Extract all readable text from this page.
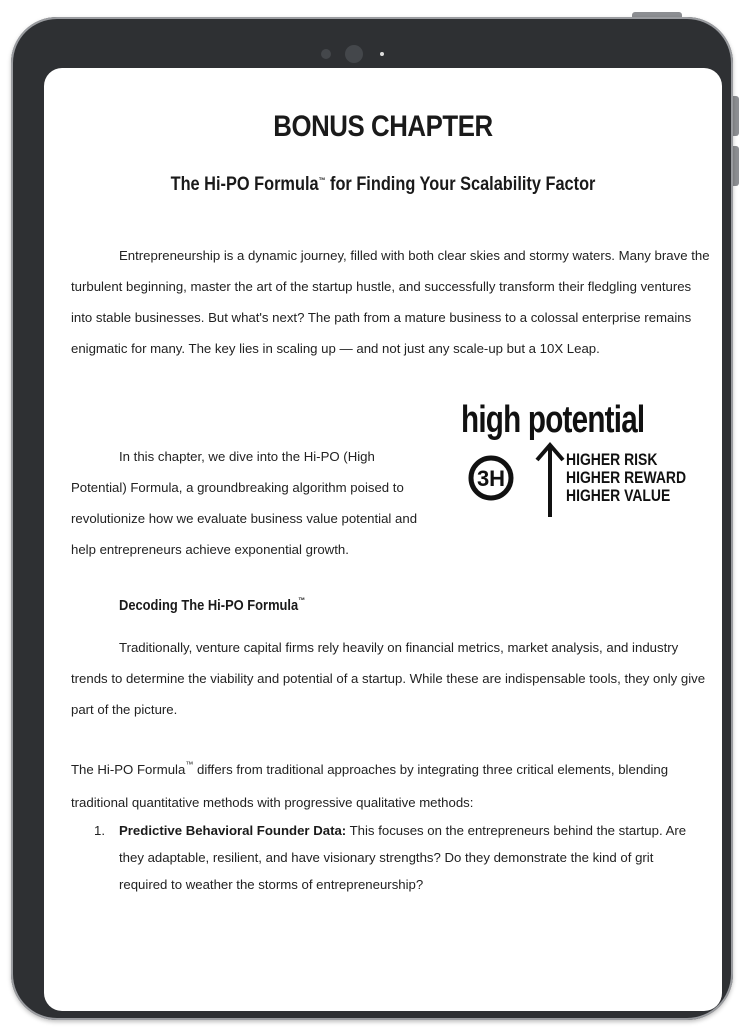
BONUS CHAPTER
The Hi-PO Formula™ for Finding Your Scalability Factor

Entrepreneurship is a dynamic journey, filled with both clear skies and stormy waters. Many brave the turbulent beginning, master the art of the startup hustle, and successfully transform their fledgling ventures into stable businesses. But what's next? The path from a mature business to a colossal enterprise remains enigmatic for many. The key lies in scaling up — and not just any scale-up but a 10X Leap.

In this chapter, we dive into the Hi-PO (High Potential) Formula, a groundbreaking algorithm poised to revolutionize how we evaluate business value potential and help entrepreneurs achieve exponential growth.

high potential
3H
HIGHER RISK
HIGHER REWARD
HIGHER VALUE
Decoding The Hi-PO Formula™

Traditionally, venture capital firms rely heavily on financial metrics, market analysis, and industry trends to determine the viability and potential of a startup. While these are indispensable tools, they only give part of the picture.

The Hi-PO Formula™ differs from traditional approaches by integrating three critical elements, blending traditional quantitative methods with progressive qualitative methods:

1. Predictive Behavioral Founder Data: This focuses on the entrepreneurs behind the startup. Are they adaptable, resilient, and have visionary strengths? Do they demonstrate the kind of grit required to weather the storms of entrepreneurship?
